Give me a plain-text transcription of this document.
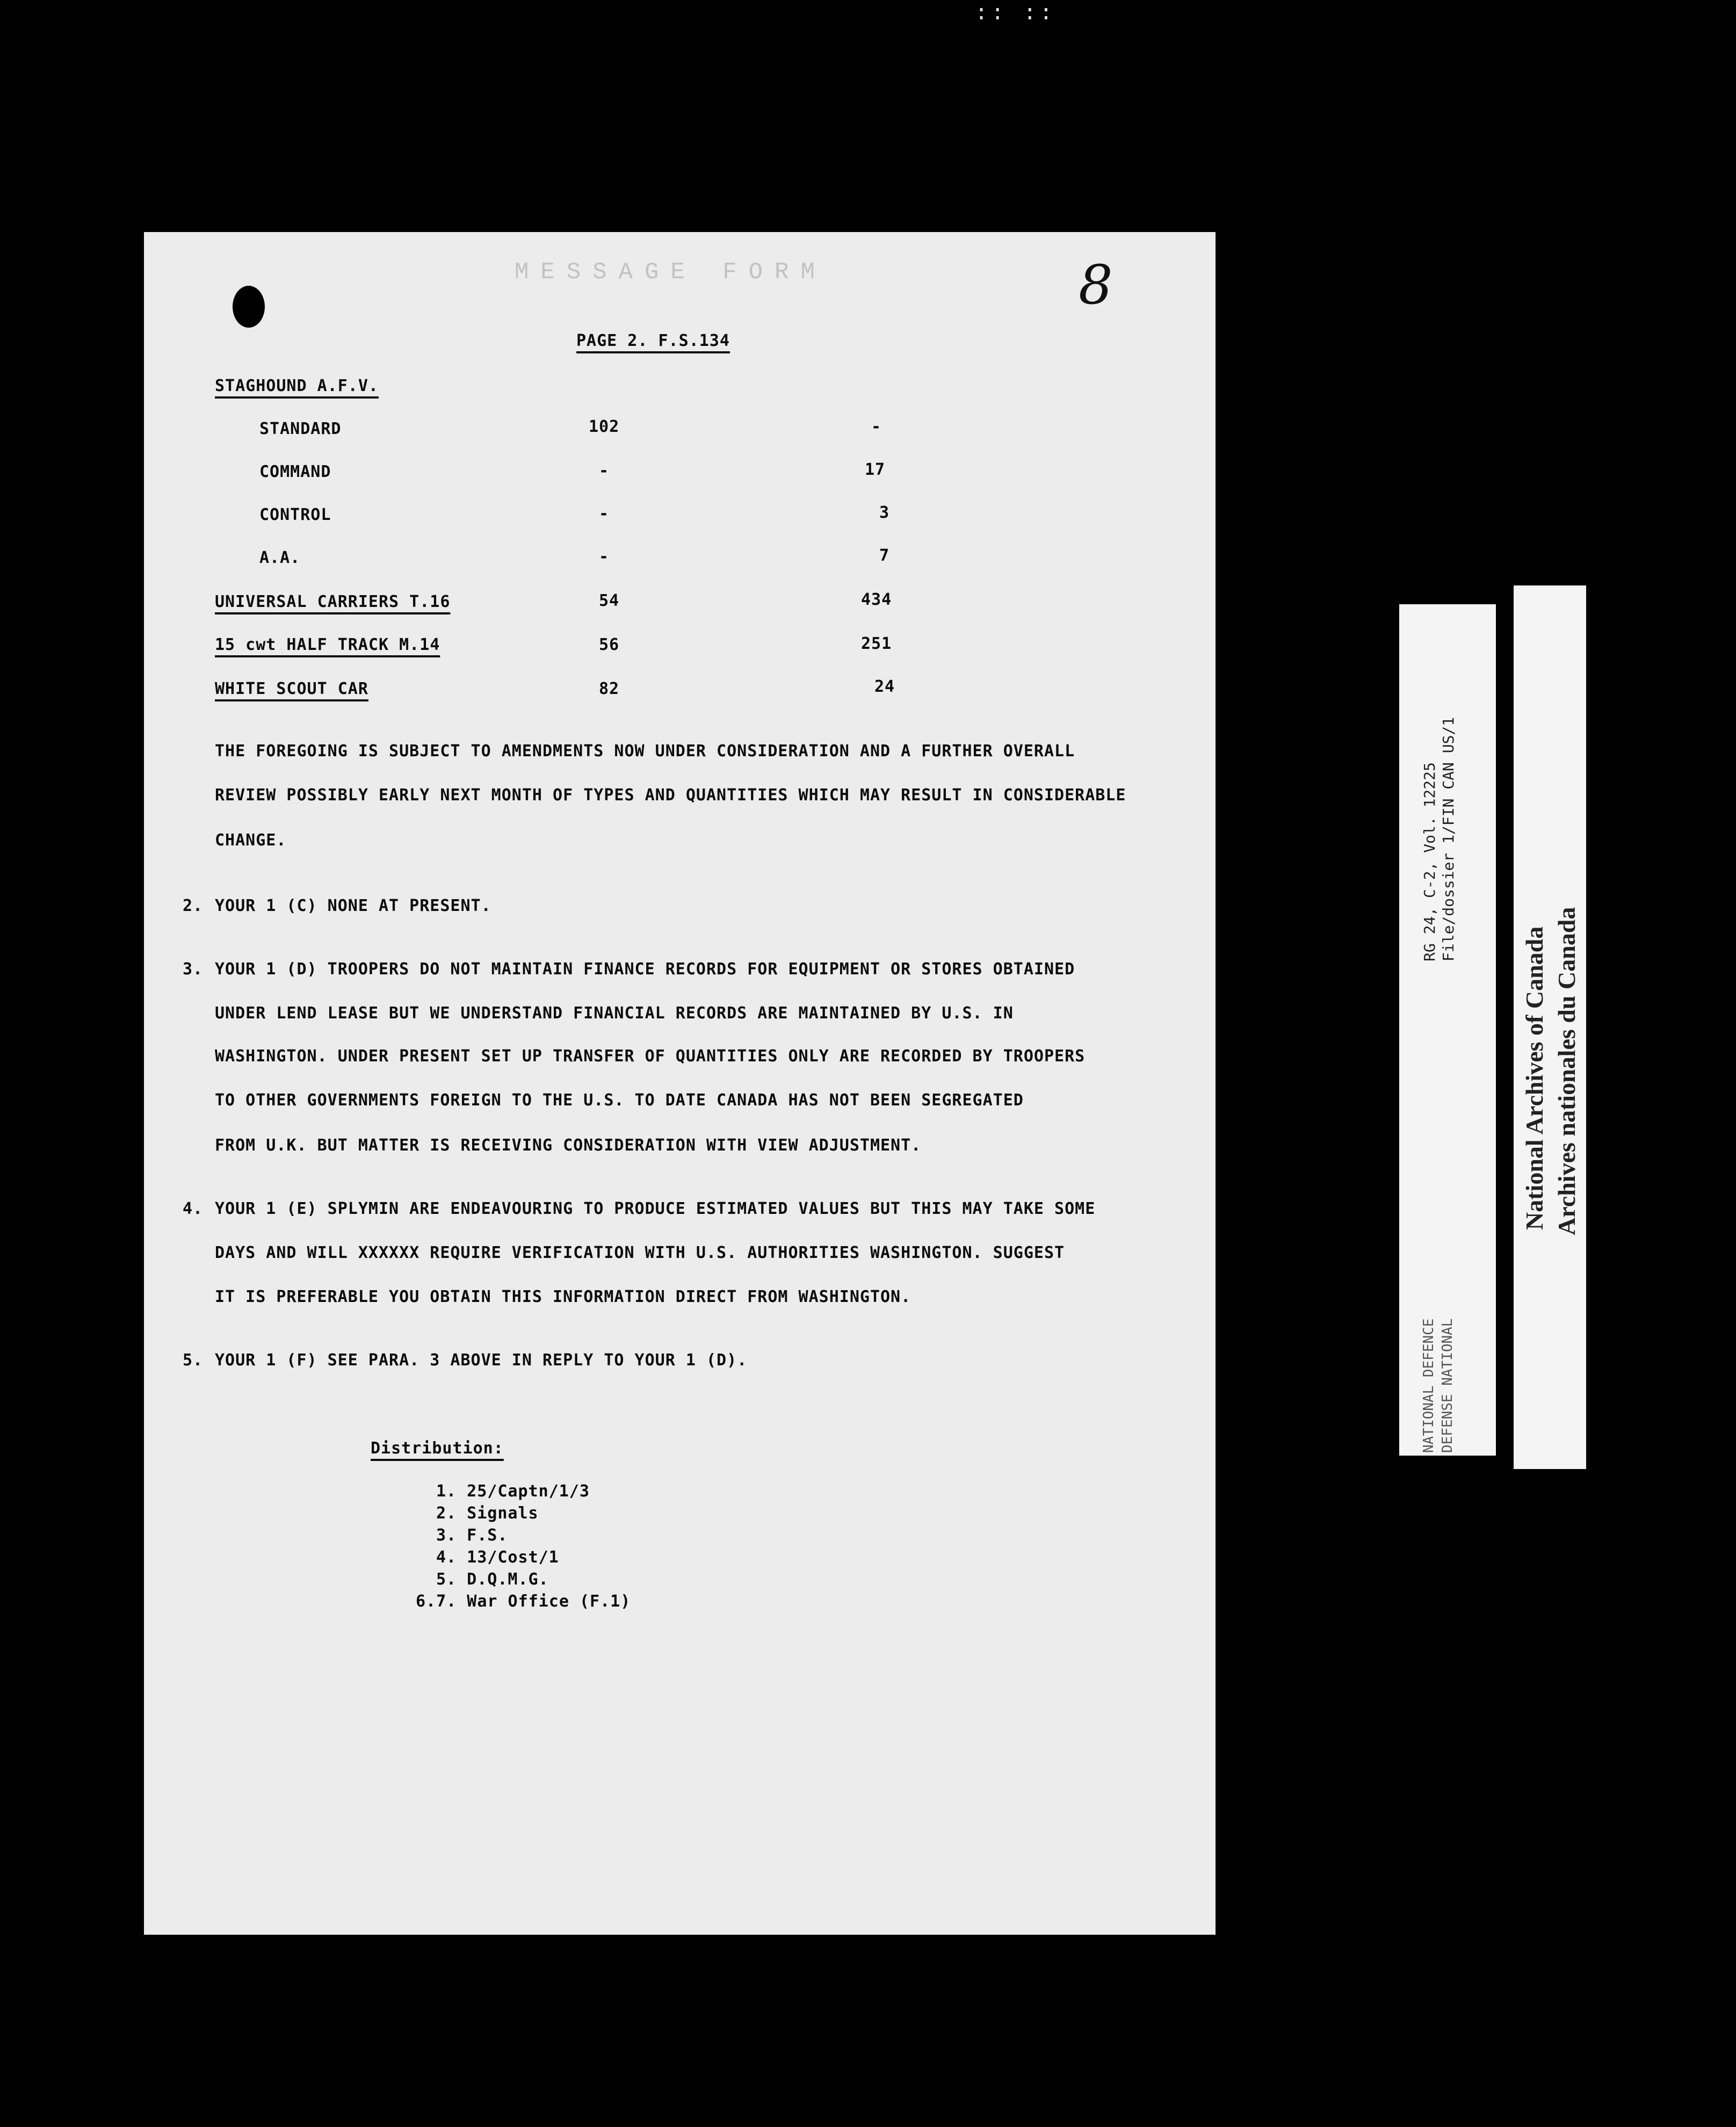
:: ::
MESSAGE FORM	8
PAGE 2. F.S.134
STAGHOUND A.F.V.
STANDARD	102	-
COMMAND	-	17
CONTROL	-	3
A.A.	-	7
UNIVERSAL CARRIERS T.16	54	434
15 cwt HALF TRACK M.14	56	251
WHITE SCOUT CAR	82	24
THE FOREGOING IS SUBJECT TO AMENDMENTS NOW UNDER CONSIDERATION AND A FURTHER OVERALL
REVIEW POSSIBLY EARLY NEXT MONTH OF TYPES AND QUANTITIES WHICH MAY RESULT IN CONSIDERABLE
CHANGE.
2. YOUR 1 (C) NONE AT PRESENT.
3. YOUR 1 (D) TROOPERS DO NOT MAINTAIN FINANCE RECORDS FOR EQUIPMENT OR STORES OBTAINED
UNDER LEND LEASE BUT WE UNDERSTAND FINANCIAL RECORDS ARE MAINTAINED BY U.S. IN
WASHINGTON. UNDER PRESENT SET UP TRANSFER OF QUANTITIES ONLY ARE RECORDED BY TROOPERS
TO OTHER GOVERNMENTS FOREIGN TO THE U.S. TO DATE CANADA HAS NOT BEEN SEGREGATED
FROM U.K. BUT MATTER IS RECEIVING CONSIDERATION WITH VIEW ADJUSTMENT.
4. YOUR 1 (E) SPLYMIN ARE ENDEAVOURING TO PRODUCE ESTIMATED VALUES BUT THIS MAY TAKE SOME
DAYS AND WILL XXXXXX REQUIRE VERIFICATION WITH U.S. AUTHORITIES WASHINGTON. SUGGEST
IT IS PREFERABLE YOU OBTAIN THIS INFORMATION DIRECT FROM WASHINGTON.
5. YOUR 1 (F) SEE PARA. 3 ABOVE IN REPLY TO YOUR 1 (D).
Distribution:
1. 25/Captn/1/3
2. Signals
3. F.S.
4. 13/Cost/1
5. D.Q.M.G.
6.7. War Office (F.1)
National Archives of Canada Archives nationales du Canada
RG 24, C-2, Vol. 12225 File/dossier 1/FIN CAN US/1
NATIONAL DEFENCE DEFENSE NATIONAL
